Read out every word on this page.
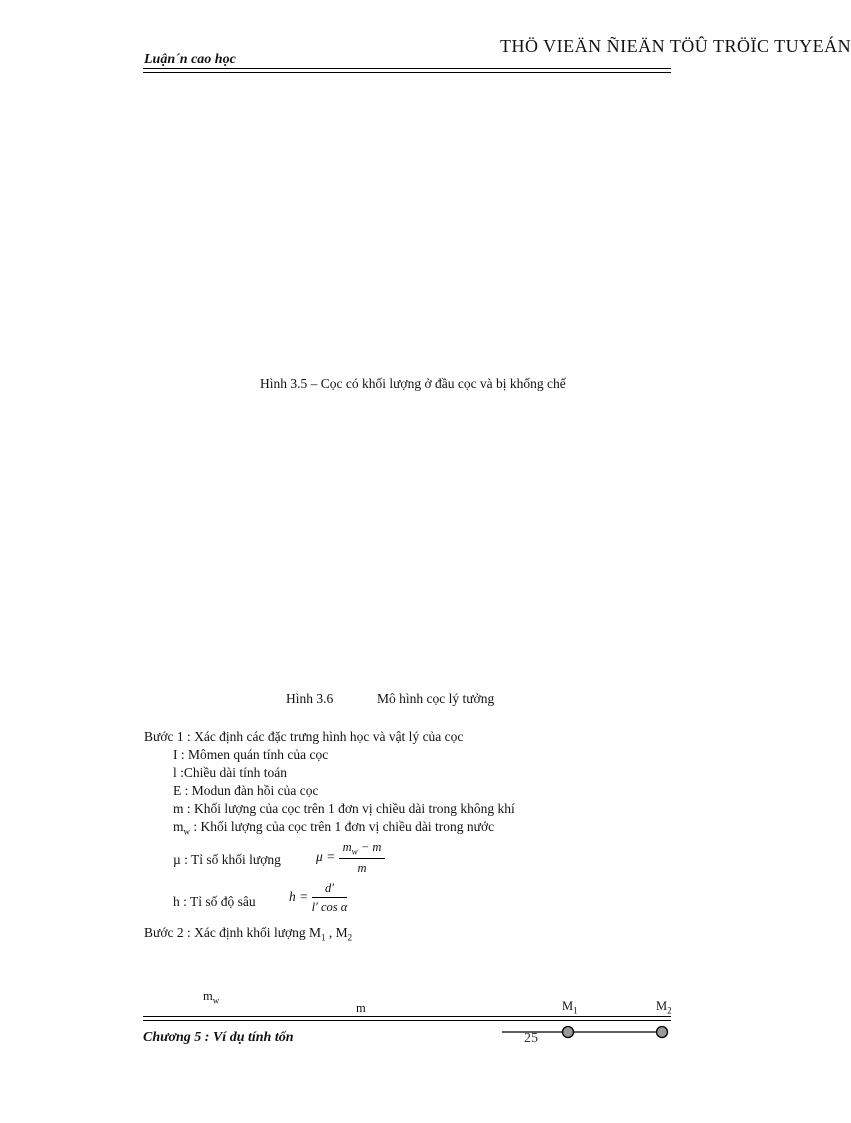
THÖ VIEÄN ÑIEÄN TÖÛ TRÖÏC TUYEÁN
Luận´n cao học
Hình 3.5 – Cọc có khối lượng ở đầu cọc và bị khống chế
Hình 3.6	Mô hình cọc lý tưởng
Bước 1 : Xác định các đặc trưng hình học và vật lý của cọc
I : Mômen quán tính của cọc
l :Chiều dài tính toán
E : Modun đàn hồi của cọc
m : Khối lượng của cọc trên 1 đơn vị chiều dài trong không khí
$m_w$ : Khối lượng của cọc trên 1 đơn vị chiều dài trong nước
µ : Tỉ số khối lượng	$\mu = \frac{m_w - m}{m}$
h : Tỉ số độ sâu $h = \frac{d'}{\text{l′ cos α}}$
Bước 2 : Xác định khối lượng $M_1$ , $M_2$
$m_w$
m	$M_1$	$M_2$
Chương 5 : Ví dụ tính tốn	25
